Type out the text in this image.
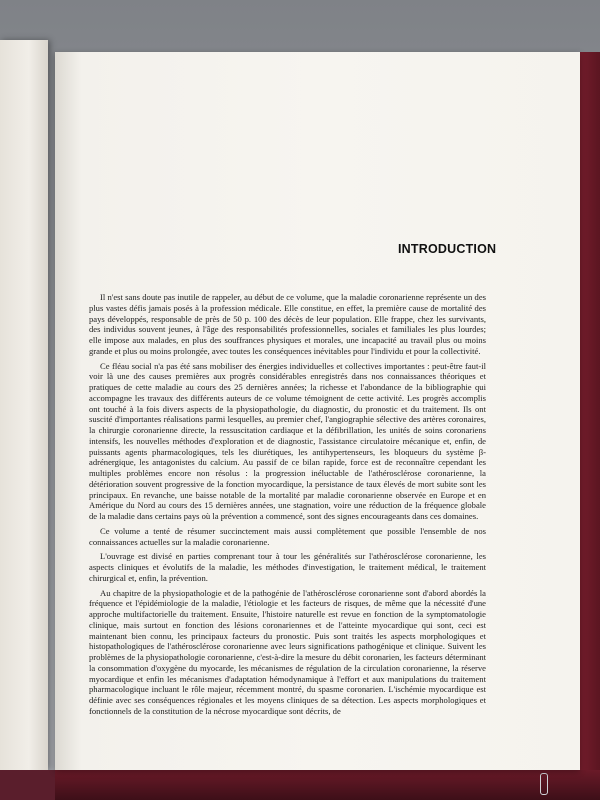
INTRODUCTION

Il n'est sans doute pas inutile de rappeler, au début de ce volume, que la maladie coronarienne représente un des plus vastes défis jamais posés à la profession médicale. Elle constitue, en effet, la première cause de mortalité des pays développés, responsable de près de 50 p. 100 des décès de leur population. Elle frappe, chez les survivants, des individus souvent jeunes, à l'âge des responsabilités professionnelles, sociales et familiales les plus lourdes; elle impose aux malades, en plus des souffrances physiques et morales, une incapacité au travail plus ou moins grande et plus ou moins prolongée, avec toutes les conséquences inévitables pour l'individu et pour la collectivité.

Ce fléau social n'a pas été sans mobiliser des énergies individuelles et collectives importantes : peut-être faut-il voir là une des causes premières aux progrès considérables enregistrés dans nos connaissances théoriques et pratiques de cette maladie au cours des 25 dernières années; la richesse et l'abondance de la bibliographie qui accompagne les travaux des différents auteurs de ce volume témoignent de cette activité. Les progrès accomplis ont touché à la fois divers aspects de la physiopathologie, du diagnostic, du pronostic et du traitement. Ils ont suscité d'importantes réalisations parmi lesquelles, au premier chef, l'angiographie sélective des artères coronaires, la chirurgie coronarienne directe, la ressuscitation cardiaque et la défibrillation, les unités de soins coronariens intensifs, les nouvelles méthodes d'exploration et de diagnostic, l'assistance circulatoire mécanique et, enfin, de puissants agents pharmacologiques, tels les diurétiques, les antihypertenseurs, les bloqueurs du système β-adrénergique, les antagonistes du calcium. Au passif de ce bilan rapide, force est de reconnaître cependant les multiples problèmes encore non résolus : la progression inéluctable de l'athérosclérose coronarienne, la détérioration souvent progressive de la fonction myocardique, la persistance de taux élevés de mort subite sont les principaux. En revanche, une baisse notable de la mortalité par maladie coronarienne observée en Europe et en Amérique du Nord au cours des 15 dernières années, une stagnation, voire une réduction de la fréquence globale de la maladie dans certains pays où la prévention a commencé, sont des signes encourageants dans ces domaines.

Ce volume a tenté de résumer succinctement mais aussi complètement que possible l'ensemble de nos connaissances actuelles sur la maladie coronarienne.

L'ouvrage est divisé en parties comprenant tour à tour les généralités sur l'athérosclérose coronarienne, les aspects cliniques et évolutifs de la maladie, les méthodes d'investigation, le traitement médical, le traitement chirurgical et, enfin, la prévention.

Au chapitre de la physiopathologie et de la pathogénie de l'athérosclérose coronarienne sont d'abord abordés la fréquence et l'épidémiologie de la maladie, l'étiologie et les facteurs de risques, de même que la nécessité d'une approche multifactorielle du traitement. Ensuite, l'histoire naturelle est revue en fonction de la symptomatologie clinique, mais surtout en fonction des lésions coronariennes et de l'atteinte myocardique qui sont, ceci est maintenant bien connu, les principaux facteurs du pronostic. Puis sont traités les aspects morphologiques et histopathologiques de l'athérosclérose coronarienne avec leurs significations pathogénique et clinique. Suivent les problèmes de la physiopathologie coronarienne, c'est-à-dire la mesure du débit coronarien, les facteurs déterminant la consommation d'oxygène du myocarde, les mécanismes de régulation de la circulation coronarienne, la réserve myocardique et enfin les mécanismes d'adaptation hémodynamique à l'effort et aux manipulations du traitement pharmacologique incluant le rôle majeur, récemment montré, du spasme coronarien. L'ischémie myocardique est définie avec ses conséquences régionales et les moyens cliniques de sa détection. Les aspects morphologiques et fonctionnels de la constitution de la nécrose myocardique sont décrits, de
